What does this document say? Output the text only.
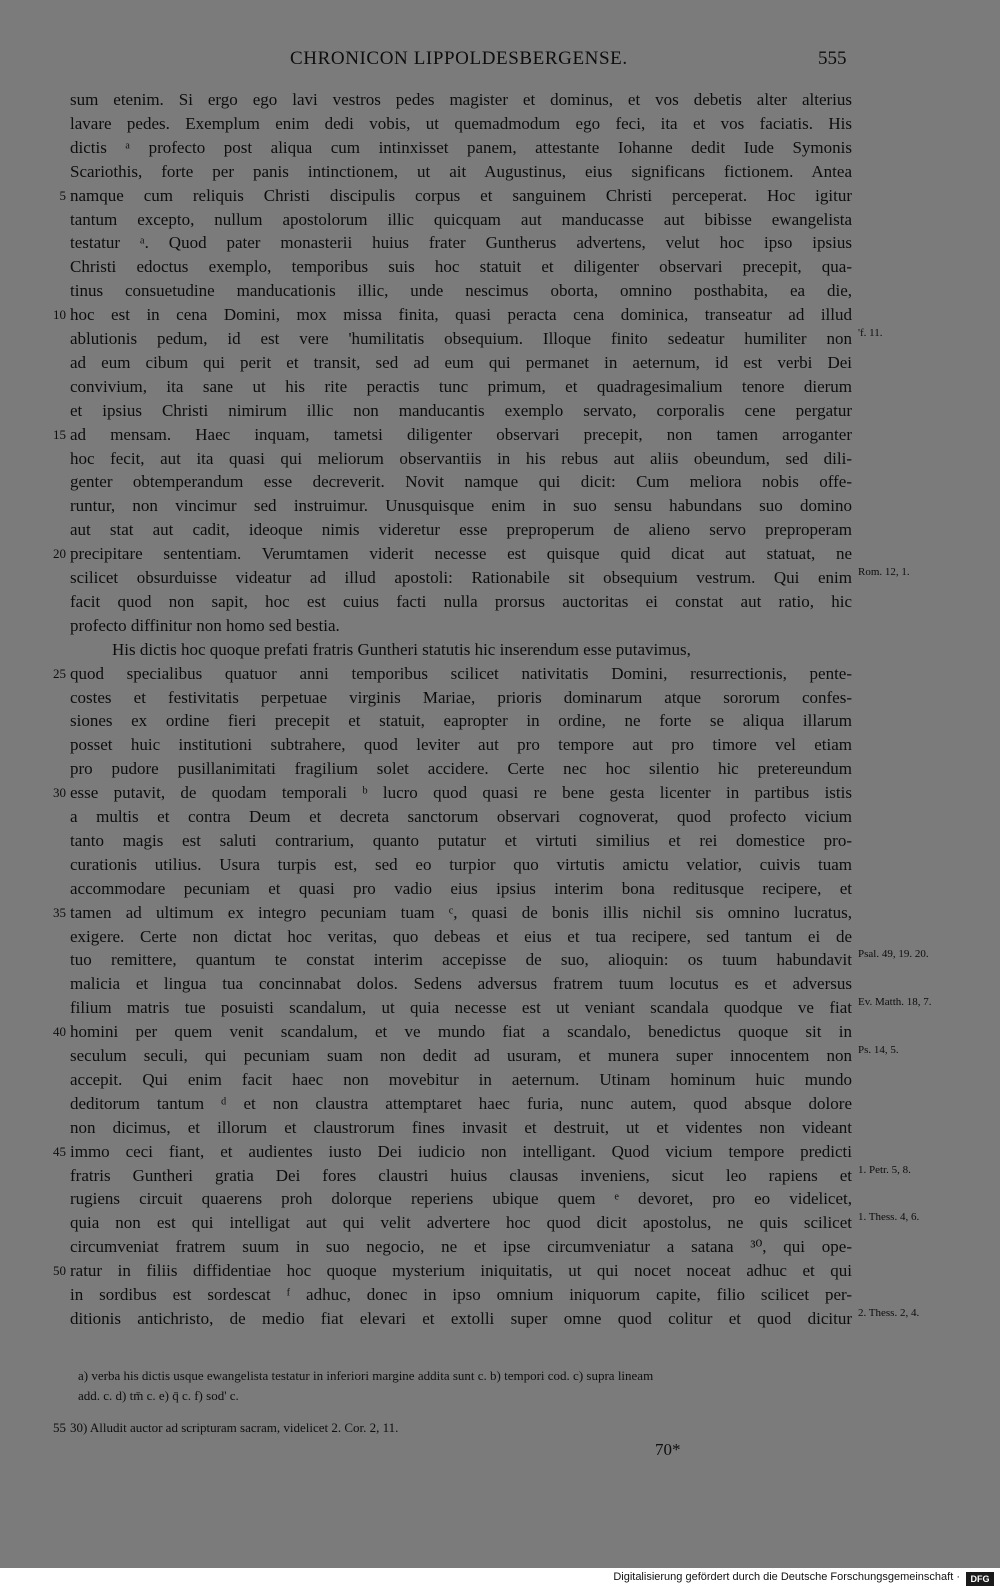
CHRONICON LIPPOLDESBERGENSE.	555
sum etenim. Si ergo ego lavi vestros pedes magister et dominus, et vos debetis alter alterius
lavare pedes. Exemplum enim dedi vobis, ut quemadmodum ego feci, ita et vos faciatis. His
dictis ᵃ profecto post aliqua cum intinxisset panem, attestante Iohanne dedit Iude Symonis
Scariothis, forte per panis intinctionem, ut ait Augustinus, eius significans fictionem. Antea
5 namque cum reliquis Christi discipulis corpus et sanguinem Christi perceperat. Hoc igitur
tantum excepto, nullum apostolorum illic quicquam aut manducasse aut bibisse ewangelista
testatur ᵃ. Quod pater monasterii huius frater Guntherus advertens, velut hoc ipso ipsius
Christi edoctus exemplo, temporibus suis hoc statuit et diligenter observari precepit, qua-
tinus consuetudine manducationis illic, unde nescimus oborta, omnino posthabita, ea die,
10 hoc est in cena Domini, mox missa finita, quasi peracta cena dominica, transeatur ad illud
ablutionis pedum, id est vere 'humilitatis obsequium. Illoque finito sedeatur humiliter non 'f. 11.
ad eum cibum qui perit et transit, sed ad eum qui permanet in aeternum, id est verbi Dei
convivium, ita sane ut his rite peractis tunc primum, et quadragesimalium tenore dierum
et ipsius Christi nimirum illic non manducantis exemplo servato, corporalis cene pergatur
15 ad mensam. Haec inquam, tametsi diligenter observari precepit, non tamen arroganter
hoc fecit, aut ita quasi qui meliorum observantiis in his rebus aut aliis obeundum, sed dili-
genter obtemperandum esse decreverit. Novit namque qui dicit: Cum meliora nobis offe-
runtur, non vincimur sed instruimur. Unusquisque enim in suo sensu habundans suo domino
aut stat aut cadit, ideoque nimis videretur esse preproperum de alieno servo preproperam
20 precipitare sententiam. Verumtamen viderit necesse est quisque quid dicat aut statuat, ne
scilicet obsurduisse videatur ad illud apostoli: Rationabile sit obsequium vestrum. Qui enim Rom. 12, 1.
facit quod non sapit, hoc est cuius facti nulla prorsus auctoritas ei constat aut ratio, hic
profecto diffinitur non homo sed bestia.
His dictis hoc quoque prefati fratris Guntheri statutis hic inserendum esse putavimus,
25 quod specialibus quatuor anni temporibus scilicet nativitatis Domini, resurrectionis, pente-
costes et festivitatis perpetuae virginis Mariae, prioris dominarum atque sororum confes-
siones ex ordine fieri precepit et statuit, eapropter in ordine, ne forte se aliqua illarum
posset huic institutioni subtrahere, quod leviter aut pro tempore aut pro timore vel etiam
pro pudore pusillanimitati fragilium solet accidere. Certe nec hoc silentio hic pretereundum
30 esse putavit, de quodam temporali ᵇ lucro quod quasi re bene gesta licenter in partibus istis
a multis et contra Deum et decreta sanctorum observari cognoverat, quod profecto vicium
tanto magis est saluti contrarium, quanto putatur et virtuti similius et rei domestice pro-
curationis utilius. Usura turpis est, sed eo turpior quo virtutis amictu velatior, cuivis tuam
accommodare pecuniam et quasi pro vadio eius ipsius interim bona reditusque recipere, et
35 tamen ad ultimum ex integro pecuniam tuam ᶜ, quasi de bonis illis nichil sis omnino lucratus,
exigere. Certe non dictat hoc veritas, quo debeas et eius et tua recipere, sed tantum ei de
tuo remittere, quantum te constat interim accepisse de suo, alioquin: os tuum habundavit Psal. 49, 19. 20.
malicia et lingua tua concinnabat dolos. Sedens adversus fratrem tuum locutus es et adversus
filium matris tue posuisti scandalum, ut quia necesse est ut veniant scandala quodque ve fiat Ev. Matth. 18, 7.
40 homini per quem venit scandalum, et ve mundo fiat a scandalo, benedictus quoque sit in
seculum seculi, qui pecuniam suam non dedit ad usuram, et munera super innocentem non Ps. 14, 5.
accepit. Qui enim facit haec non movebitur in aeternum. Utinam hominum huic mundo
deditorum tantum ᵈ et non claustra attemptaret haec furia, nunc autem, quod absque dolore
non dicimus, et illorum et claustrorum fines invasit et destruit, ut et videntes non videant
45 immo ceci fiant, et audientes iusto Dei iudicio non intelligant. Quod vicium tempore predicti
fratris Guntheri gratia Dei fores claustri huius clausas inveniens, sicut leo rapiens et 1. Petr. 5, 8.
rugiens circuit quaerens proh dolorque reperiens ubique quem ᵉ devoret, pro eo videlicet,
quia non est qui intelligat aut qui velit advertere hoc quod dicit apostolus, ne quis scilicet 1. Thess. 4, 6.
circumveniat fratrem suum in suo negocio, ne et ipse circumveniatur a satana ³⁰, qui ope-
50 ratur in filiis diffidentiae hoc quoque mysterium iniquitatis, ut qui nocet noceat adhuc et qui
in sordibus est sordescat ᶠ adhuc, donec in ipso omnium iniquorum capite, filio scilicet per-
ditionis antichristo, de medio fiat elevari et extolli super omne quod colitur et quod dicitur 2. Thess. 2, 4.
a) verba his dictis usque ewangelista testatur in inferiori margine addita sunt c. b) tempori cod. c) supra lineam
add. c. d) tm̄ c. e) q̄ c. f) sod' c.
55 30) Alludit auctor ad scripturam sacram, videlicet 2. Cor. 2, 11.
70*
Digitalisierung gefördert durch die Deutsche Forschungsgemeinschaft ·	DFG
